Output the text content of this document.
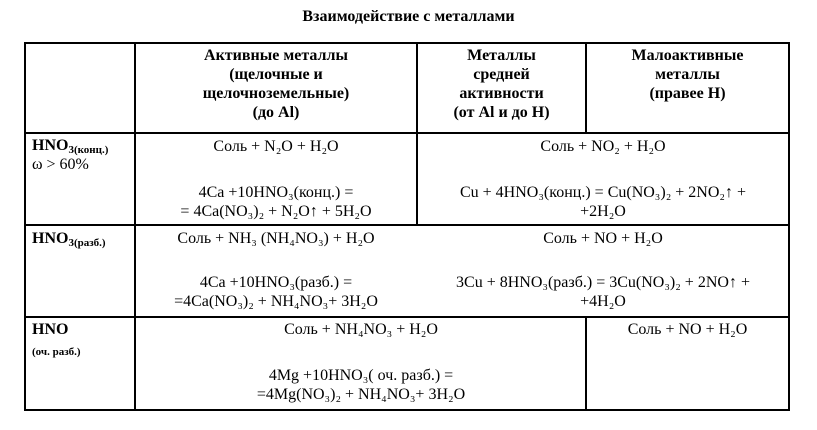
Взаимодействие с металлами
Активные металлы
(щелочные и
щелочноземельные)
(до Al)
Металлы
средней
активности
(от Al и до H)
Малоактивные
металлы
(правее H)
$HNO_{3(конц.)}$
ω > 60%
Соль + N₂O + H₂O
4Ca +10HNO₃(конц.) =
= 4Ca(NO₃)₂ + N₂O↑ + 5H₂O
Соль + NO₂ + H₂O
Cu + 4HNO₃(конц.) = Cu(NO₃)₂ + 2NO₂↑ +
+2H₂O
$HNO_{3(разб.)}$	Соль + NH₃ (NH₄NO₃) + H₂O
4Ca +10HNO₃(разб.) =
=4Ca(NO₃)₂ + NH₄NO₃+ 3H₂O
Соль + NO + H₂O
3Cu + 8HNO₃(разб.) = 3Cu(NO₃)₂ + 2NO↑ +
+4H₂O
HNO
(оч. разб.)
Соль + NH₄NO₃ + H₂O
4Mg +10HNO₃( оч. разб.) =
=4Mg(NO₃)₂ + NH₄NO₃+ 3H₂O
Соль + NO + H₂O
